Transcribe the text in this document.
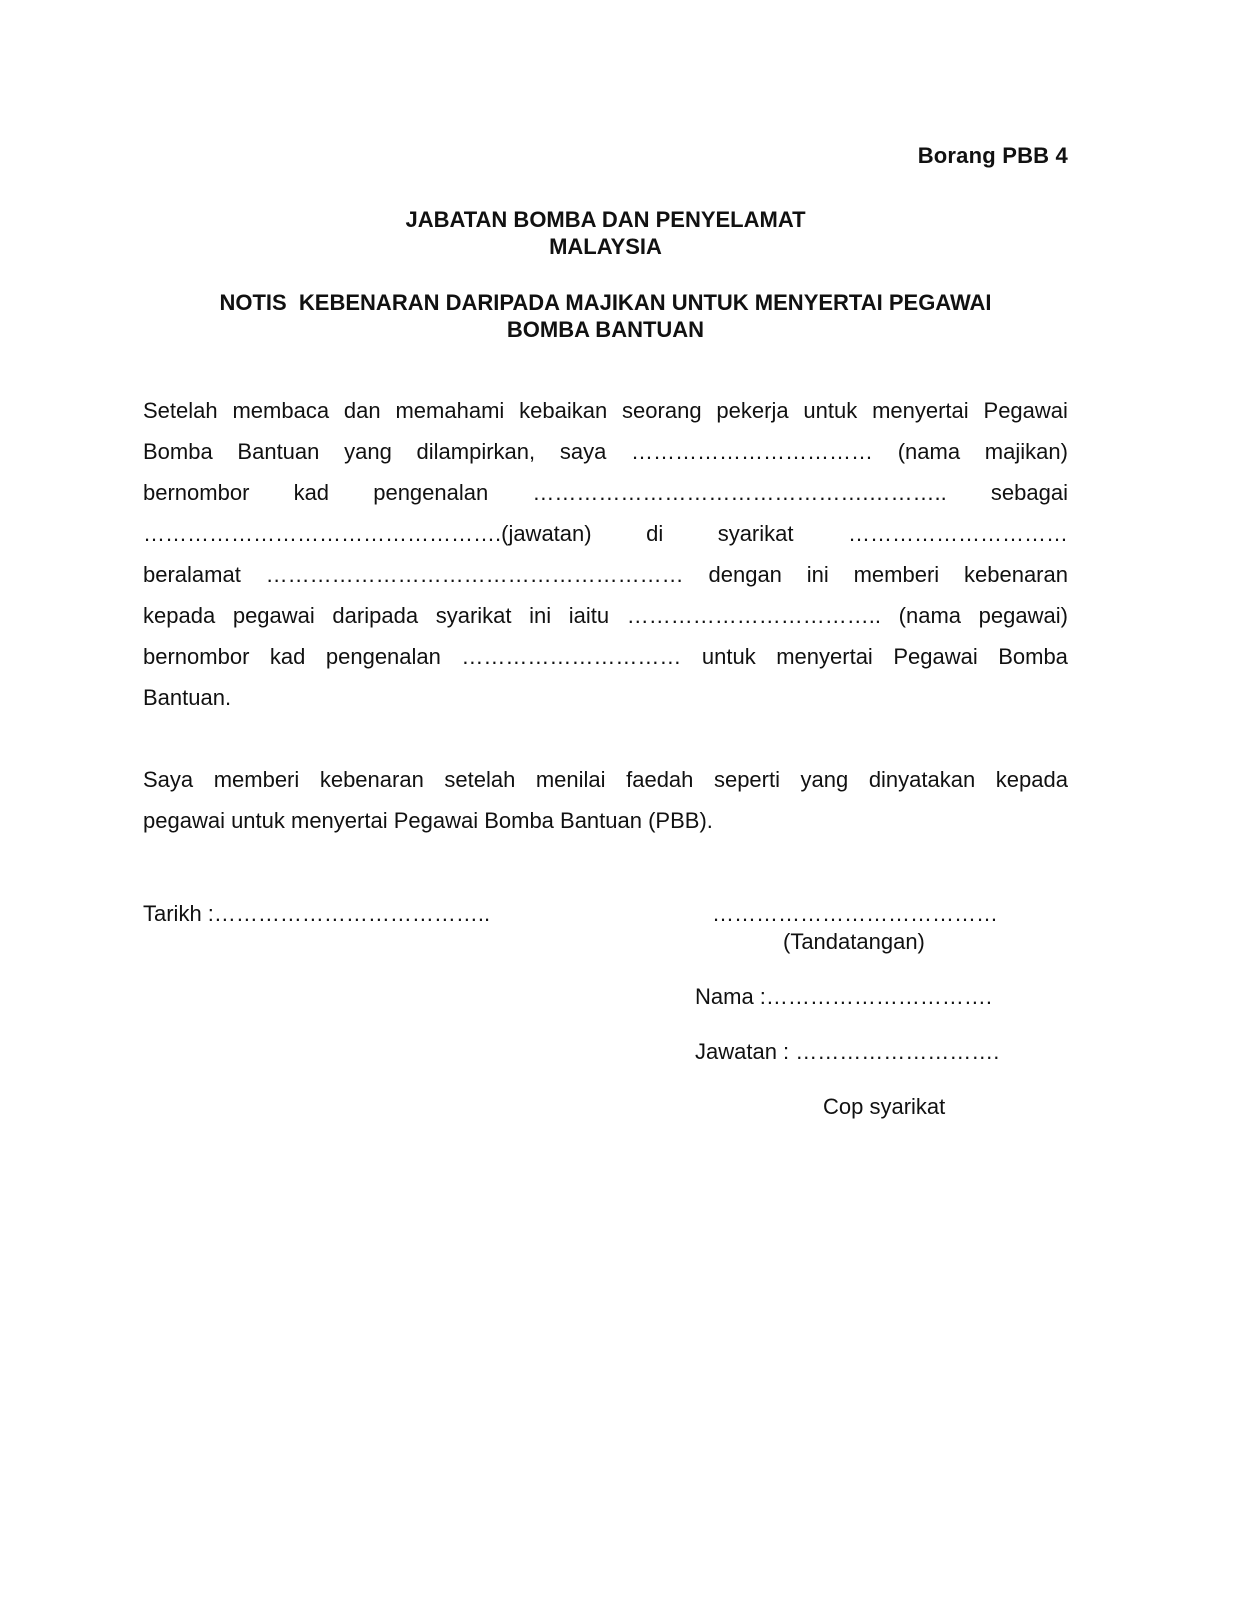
Borang PBB 4
JABATAN BOMBA DAN PENYELAMAT
MALAYSIA
NOTIS  KEBENARAN DARIPADA MAJIKAN UNTUK MENYERTAI PEGAWAI
BOMBA BANTUAN
Setelah membaca dan memahami kebaikan seorang pekerja untuk menyertai Pegawai
Bomba Bantuan yang dilampirkan, saya …………………………… (nama majikan)
bernombor kad pengenalan ……………………………………….……….. sebagai
………………………………………….(jawatan) di syarikat …………………………
beralamat ………………………………………………… dengan ini memberi kebenaran
kepada pegawai daripada syarikat ini iaitu …………………………….. (nama pegawai)
bernombor kad pengenalan ………………………… untuk menyertai Pegawai Bomba
Bantuan.
Saya memberi kebenaran setelah menilai faedah seperti yang dinyatakan kepada
pegawai untuk menyertai Pegawai Bomba Bantuan (PBB).
Tarikh :………………………………..	…………………………………
(Tandatangan)
Nama :………………………….
Jawatan : ……………………….
Cop syarikat
